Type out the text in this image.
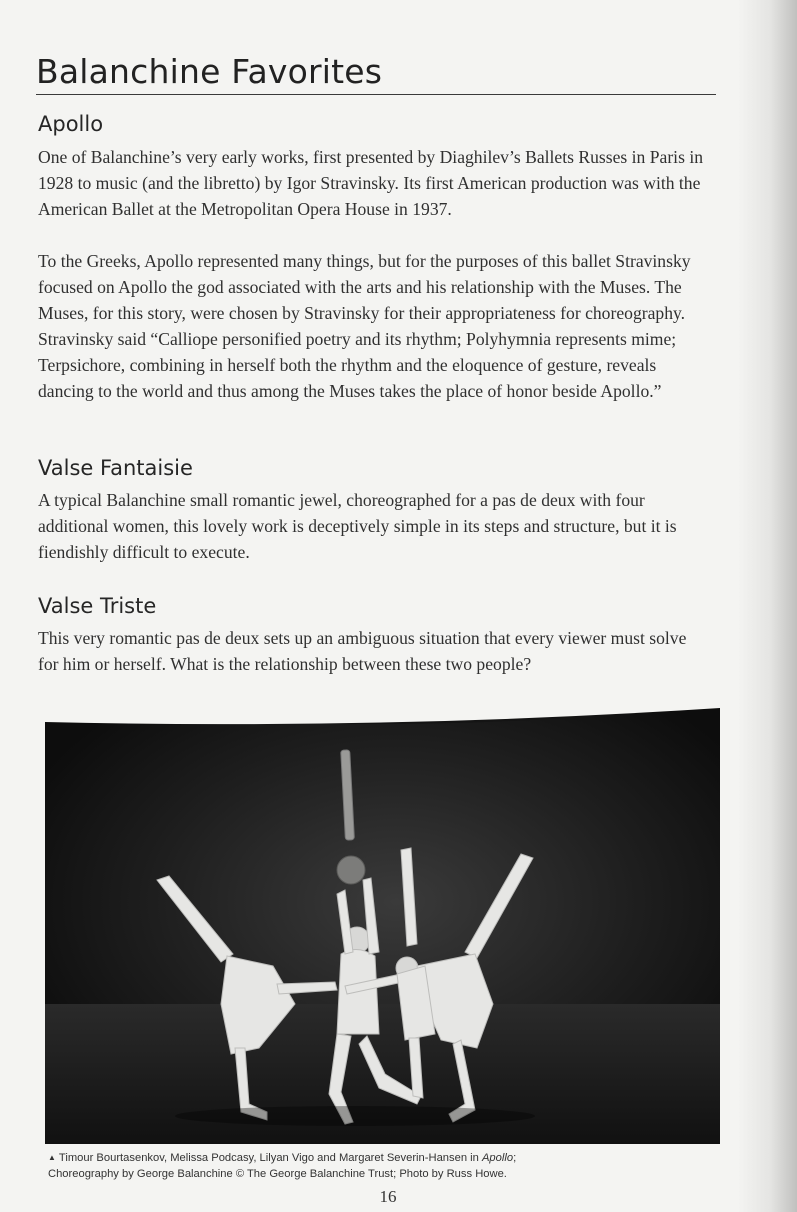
Balanchine Favorites
Apollo

One of Balanchine’s very early works, first presented by Diaghilev’s Ballets Russes in Paris in 1928 to music (and the libretto) by Igor Stravinsky. Its first American production was with the American Ballet at the Metropolitan Opera House in 1937.

To the Greeks, Apollo represented many things, but for the purposes of this ballet Stravinsky focused on Apollo the god associated with the arts and his relationship with the Muses. The Muses, for this story, were chosen by Stravinsky for their appropriateness for choreography. Stravinsky said “Calliope personified poetry and its rhythm; Polyhymnia represents mime; Terpsichore, combining in herself both the rhythm and the eloquence of gesture, reveals dancing to the world and thus among the Muses takes the place of honor beside Apollo.”

Valse Fantaisie

A typical Balanchine small romantic jewel, choreographed for a pas de deux with four additional women, this lovely work is deceptively simple in its steps and structure, but it is fiendishly difficult to execute.

Valse Triste

This very romantic pas de deux sets up an ambiguous situation that every viewer must solve for him or herself. What is the relationship between these two people?

▲ Timour Bourtasenkov, Melissa Podcasy, Lilyan Vigo and Margaret Severin-Hansen in Apollo;
Choreography by George Balanchine © The George Balanchine Trust; Photo by Russ Howe.

16
